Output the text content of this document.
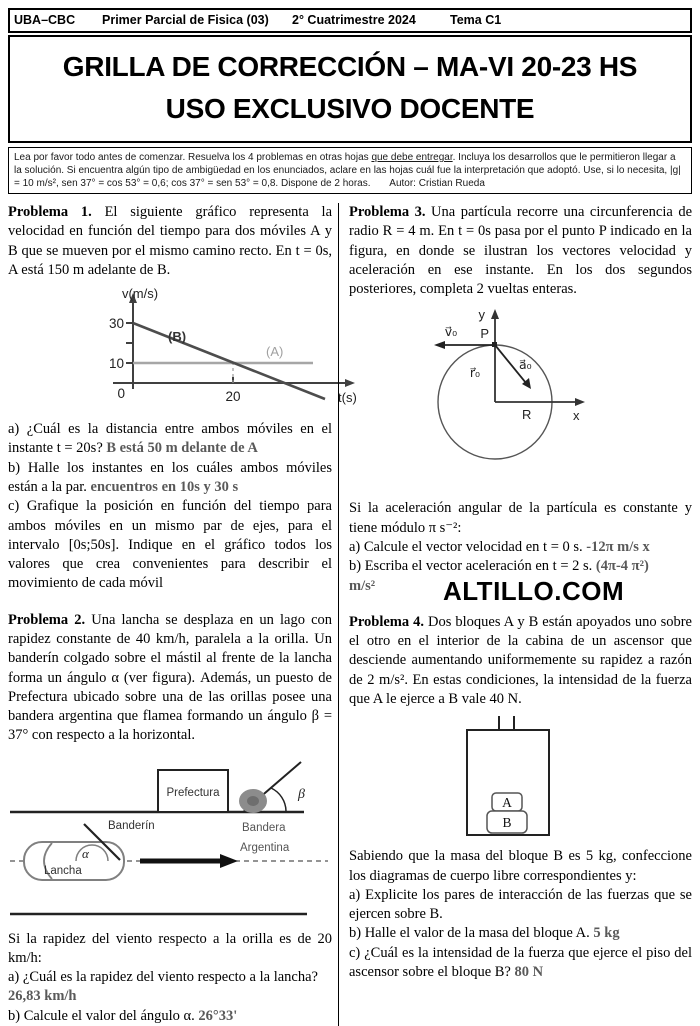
UBA–CBC	Primer Parcial de Fisica (03)	2° Cuatrimestre 2024	Tema C1
GRILLA DE CORRECCIÓN – MA-VI 20-23 HS
USO EXCLUSIVO DOCENTE
Lea por favor todo antes de comenzar. Resuelva los 4 problemas en otras hojas que debe entregar. Incluya los desarrollos que le permitieron llegar a la solución. Si encuentra algún tipo de ambigüedad en los enunciados, aclare en las hojas cuál fue la interpretación que adoptó. Use, si lo necesita, |g| = 10 m/s², sen 37° = cos 53° = 0,6; cos 37° = sen 53° = 0,8. Dispone de 2 horas. Autor: Cristian Rueda

Problema 1. El siguiente gráfico representa la velocidad en función del tiempo para dos móviles A y B que se mueven por el mismo camino recto. En t = 0s, A está 150 m adelante de B.

v(m/s)
30
10
0	20	t(s)
(B)
(A)

a) ¿Cuál es la distancia entre ambos móviles en el instante t = 20s? B está 50 m delante de A

b) Halle los instantes en los cuáles ambos móviles están a la par. encuentros en 10s y 30 s

c) Grafique la posición en función del tiempo para ambos móviles en un mismo par de ejes, para el intervalo [0s;50s]. Indique en el gráfico todos los valores que crea convenientes para describir el movimiento de cada móvil

Problema 2. Una lancha se desplaza en un lago con rapidez constante de 40 km/h, paralela a la orilla. Un banderín colgado sobre el mástil al frente de la lancha forma un ángulo α (ver figura). Además, un puesto de Prefectura ubicado sobre una de las orillas posee una bandera argentina que flamea formando un ángulo β = 37° con respecto a la horizontal.

Prefectura	β
Bandera
Argentina
Banderín
Lancha
α

Si la rapidez del viento respecto a la orilla es de 20 km/h:

a) ¿Cuál es la rapidez del viento respecto a la lancha?

26,83 km/h

b) Calcule el valor del ángulo α. 26°33'

Problema 3. Una partícula recorre una circunferencia de radio R = 4 m. En t = 0s pasa por el punto P indicado en la figura, en donde se ilustran los vectores velocidad y aceleración en ese instante. En los dos segundos posteriores, completa 2 vueltas enteras.

y
x
R
P
v⃗₀
a⃗₀
r⃗₀

Si la aceleración angular de la partícula es constante y tiene módulo π s⁻²:

a) Calcule el vector velocidad en t = 0 s. -12π m/s x

b) Escriba el vector aceleración en t = 2 s. (4π-4 π²)

m/s²	ALTILLO.COM

Problema 4. Dos bloques A y B están apoyados uno sobre el otro en el interior de la cabina de un ascensor que desciende aumentando uniformemente su rapidez a razón de 2 m/s². En estas condiciones, la intensidad de la fuerza que A le ejerce a B vale 40 N.

A
B

Sabiendo que la masa del bloque B es 5 kg, confeccione los diagramas de cuerpo libre correspondientes y:

a) Explicite los pares de interacción de las fuerzas que se ejercen sobre B.

b) Halle el valor de la masa del bloque A. 5 kg

c) ¿Cuál es la intensidad de la fuerza que ejerce el piso del ascensor sobre el bloque B? 80 N
